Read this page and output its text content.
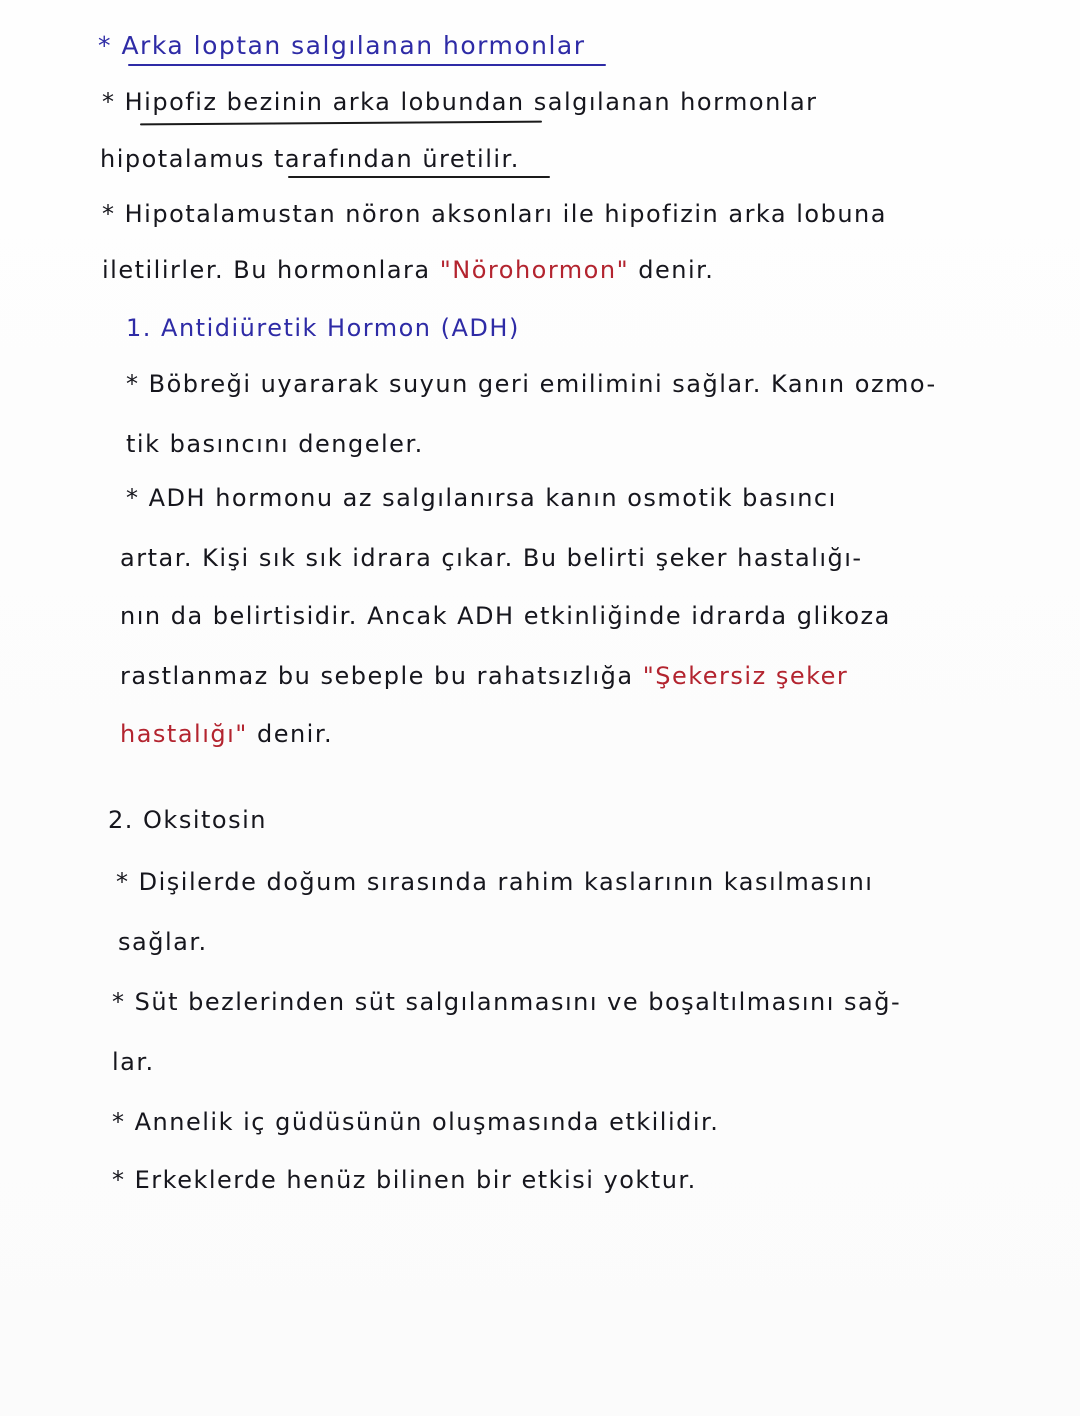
* Arka loptan salgılanan hormonlar
* Hipofiz bezinin arka lobundan salgılanan hormonlar
hipotalamus tarafından üretilir.
* Hipotalamustan nöron aksonları ile hipofizin arka lobuna
iletilirler. Bu hormonlara "Nörohormon" denir.
1. Antidiüretik Hormon (ADH)
* Böbreği uyararak suyun geri emilimini sağlar. Kanın ozmo-
tik basıncını dengeler.
* ADH hormonu az salgılanırsa kanın osmotik basıncı
artar. Kişi sık sık idrara çıkar. Bu belirti şeker hastalığı-
nın da belirtisidir. Ancak ADH etkinliğinde idrarda glikoza
rastlanmaz bu sebeple bu rahatsızlığa "Şekersiz şeker
hastalığı" denir.
2. Oksitosin
* Dişilerde doğum sırasında rahim kaslarının kasılmasını
sağlar.
* Süt bezlerinden süt salgılanmasını ve boşaltılmasını sağ-
lar.
* Annelik iç güdüsünün oluşmasında etkilidir.
* Erkeklerde henüz bilinen bir etkisi yoktur.
